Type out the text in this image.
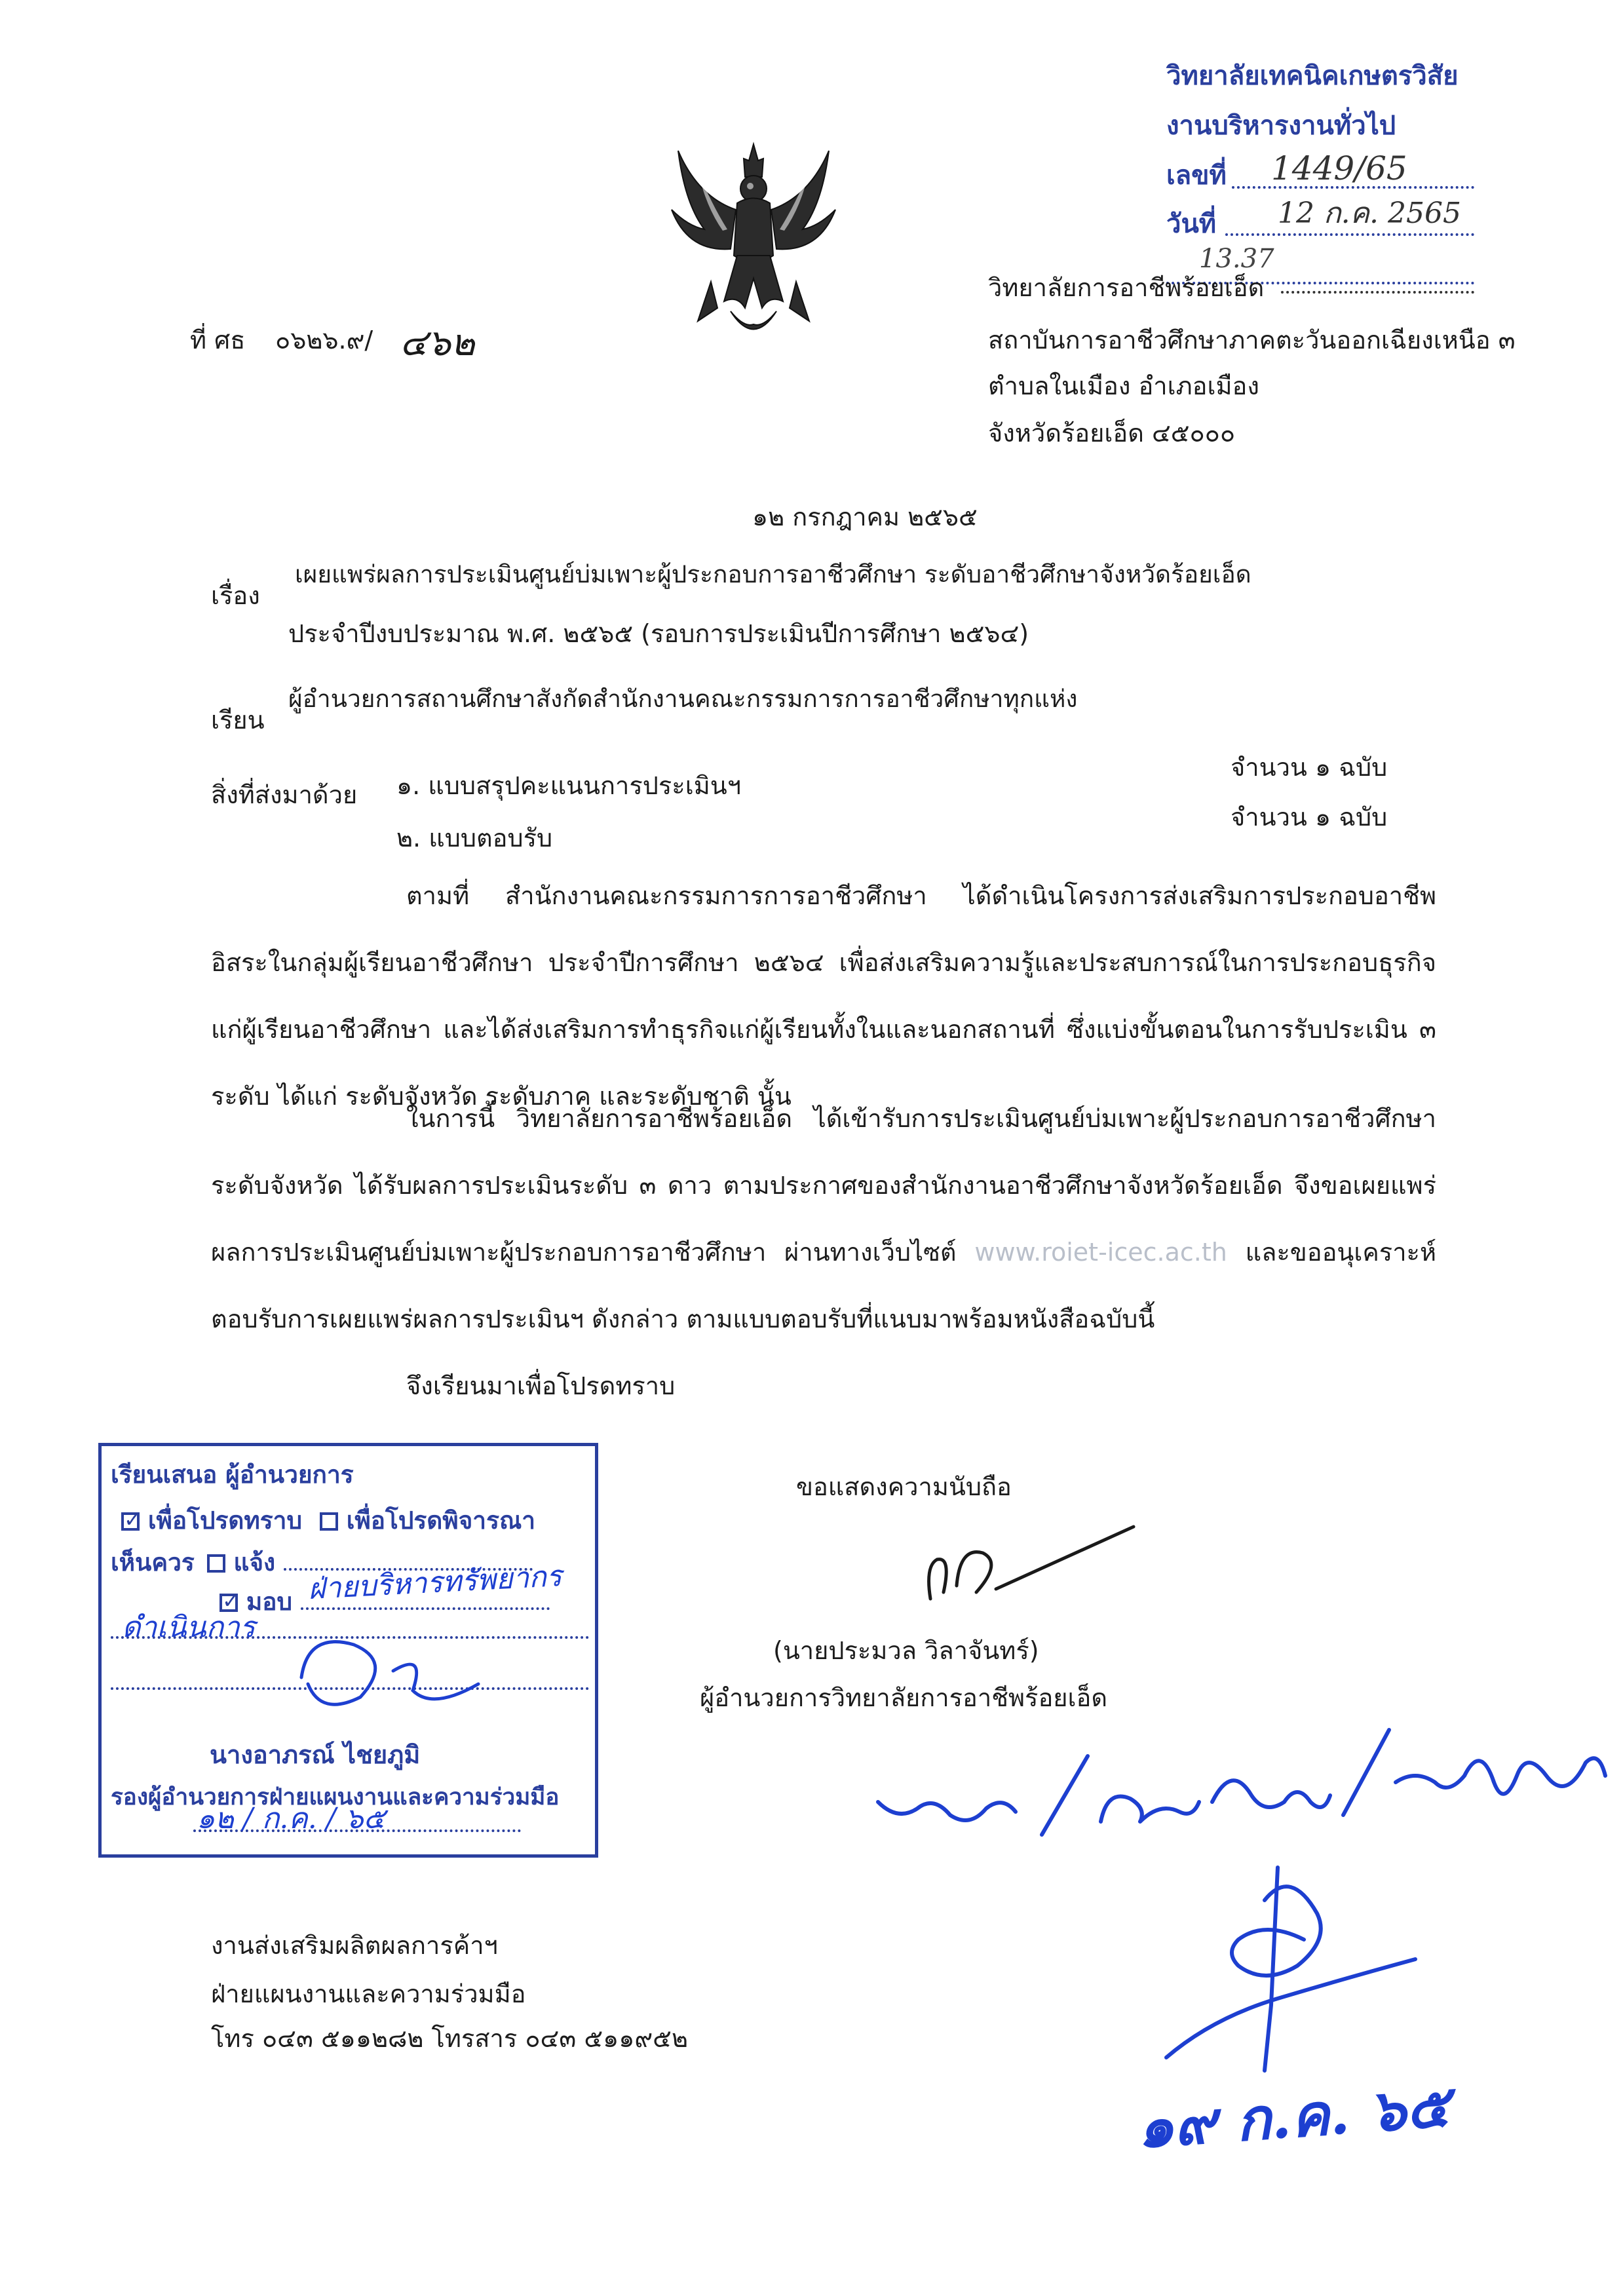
วิทยาลัยเทคนิคเกษตรวิสัย
งานบริหารงานทั่วไป
เลขที่ 1449/65
วันที่ 12 ก.ค. 2565
13.37
ที่ ศธ ๐๖๒๖.๙/ ๔๖๒
วิทยาลัยการอาชีพร้อยเอ็ด
สถาบันการอาชีวศึกษาภาคตะวันออกเฉียงเหนือ ๓
ตำบลในเมือง อำเภอเมือง
จังหวัดร้อยเอ็ด ๔๕๐๐๐
๑๒ กรกฎาคม ๒๕๖๕
เรื่อง
เผยแพร่ผลการประเมินศูนย์บ่มเพาะผู้ประกอบการอาชีวศึกษา ระดับอาชีวศึกษาจังหวัดร้อยเอ็ด
ประจำปีงบประมาณ พ.ศ. ๒๕๖๕ (รอบการประเมินปีการศึกษา ๒๕๖๔)
เรียน
ผู้อำนวยการสถานศึกษาสังกัดสำนักงานคณะกรรมการการอาชีวศึกษาทุกแห่ง
สิ่งที่ส่งมาด้วย ๑. แบบสรุปคะแนนการประเมินฯ
จำนวน ๑ ฉบับ
๒. แบบตอบรับ
จำนวน ๑ ฉบับ
ตามที่ สำนักงานคณะกรรมการการอาชีวศึกษา ได้ดำเนินโครงการส่งเสริมการประกอบอาชีพอิสระในกลุ่มผู้เรียนอาชีวศึกษา ประจำปีการศึกษา ๒๕๖๔ เพื่อส่งเสริมความรู้และประสบการณ์ในการประกอบธุรกิจแก่ผู้เรียนอาชีวศึกษา และได้ส่งเสริมการทำธุรกิจแก่ผู้เรียนทั้งในและนอกสถานที่ ซึ่งแบ่งขั้นตอนในการรับประเมิน ๓ ระดับ ได้แก่ ระดับจังหวัด ระดับภาค และระดับชาติ นั้น
ในการนี้ วิทยาลัยการอาชีพร้อยเอ็ด ได้เข้ารับการประเมินศูนย์บ่มเพาะผู้ประกอบการอาชีวศึกษา ระดับจังหวัด ได้รับผลการประเมินระดับ ๓ ดาว ตามประกาศของสำนักงานอาชีวศึกษาจังหวัดร้อยเอ็ด จึงขอเผยแพร่ผลการประเมินศูนย์บ่มเพาะผู้ประกอบการอาชีวศึกษา ผ่านทางเว็บไซต์ www.roiet-icec.ac.th และขออนุเคราะห์ตอบรับการเผยแพร่ผลการประเมินฯ ดังกล่าว ตามแบบตอบรับที่แนบมาพร้อมหนังสือฉบับนี้
จึงเรียนมาเพื่อโปรดทราบ
ขอแสดงความนับถือ
(นายประมวล วิลาจันทร์)
ผู้อำนวยการวิทยาลัยการอาชีพร้อยเอ็ด
เรียนเสนอ ผู้อำนวยการ
✓ เพื่อโปรดทราบ เพื่อโปรดพิจารณา
เห็นควร แจ้ง
✓ มอบ
นางอาภรณ์ ไชยภูมิ
รองผู้อำนวยการฝ่ายแผนงานและความร่วมมือ
ฝ่ายบริหารทรัพยากร
ดำเนินการ
๑๒ / ก.ค. / ๖๕
๑๙ ก.ค. ๖๕
งานส่งเสริมผลิตผลการค้าฯ
ฝ่ายแผนงานและความร่วมมือ
โทร ๐๔๓ ๕๑๑๒๘๒ โทรสาร ๐๔๓ ๕๑๑๙๕๒
